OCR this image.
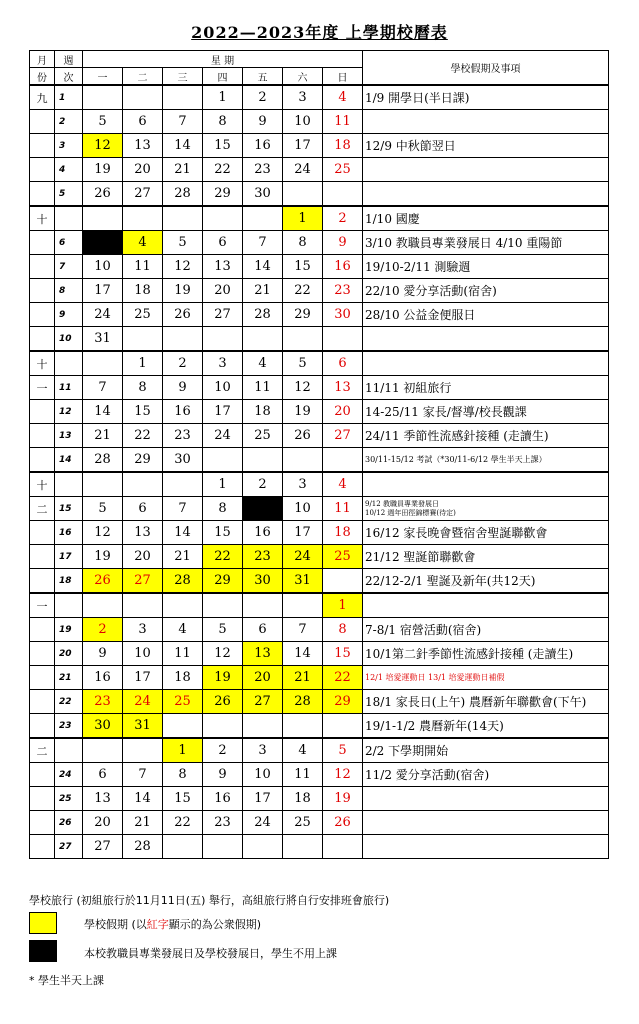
2022—2023年度 上學期校曆表
月	週	星 期							學校假期及事項
份	次	一	二	三	四	五	六	日	
九	1				1	2	3	4	1/9 開學日(半日課)
	2	5	6	7	8	9	10	11	
	3	12	13	14	15	16	17	18	12/9 中秋節翌日
	4	19	20	21	22	23	24	25	
	5	26	27	28	29	30			
十							1	2	1/10 國慶
	6	3	4	5	6	7	8	9	3/10 教職員專業發展日 4/10 重陽節
	7	10	11	12	13	14	15	16	19/10-2/11 測驗週
	8	17	18	19	20	21	22	23	22/10 愛分享活動(宿舍)
	9	24	25	26	27	28	29	30	28/10 公益金便服日
	10	31							
十			1	2	3	4	5	6	
一	11	7	8	9	10	11	12	13	11/11 初組旅行
	12	14	15	16	17	18	19	20	14-25/11 家長/督導/校長觀課
	13	21	22	23	24	25	26	27	24/11 季節性流感針接種 (走讀生)
	14	28	29	30					30/11-15/12 考試（*30/11-6/12 學生半天上課）
十					1	2	3	4	
二	15	5	6	7	8	9	10	11	9/12 教職員專業發展日
10/12 週年田徑錦標賽(待定)

	16	12	13	14	15	16	17	18	16/12 家長晚會暨宿舍聖誕聯歡會
	17	19	20	21	22	23	24	25	21/12 聖誕節聯歡會
	18	26	27	28	29	30	31		22/12-2/1 聖誕及新年(共12天)
一								1	
	19	2	3	4	5	6	7	8	7-8/1 宿營活動(宿舍)
	20	9	10	11	12	13	14	15	10/1第二針季節性流感針接種 (走讀生)
	21	16	17	18	19	20	21	22	12/1 培愛運動日 13/1 培愛運動日補假
	22	23	24	25	26	27	28	29	18/1 家長日(上午) 農曆新年聯歡會(下午)
	23	30	31						19/1-1/2 農曆新年(14天)
二				1	2	3	4	5	2/2 下學期開始
	24	6	7	8	9	10	11	12	11/2 愛分享活動(宿舍)
	25	13	14	15	16	17	18	19	
	26	20	21	22	23	24	25	26	
	27	27	28						
學校旅行 (初組旅行於11月11日(五) 舉行，高組旅行將自行安排班會旅行)
學校假期 (以紅字顯示的為公衆假期)
本校教職員專業發展日及學校發展日，學生不用上課
* 學生半天上課
